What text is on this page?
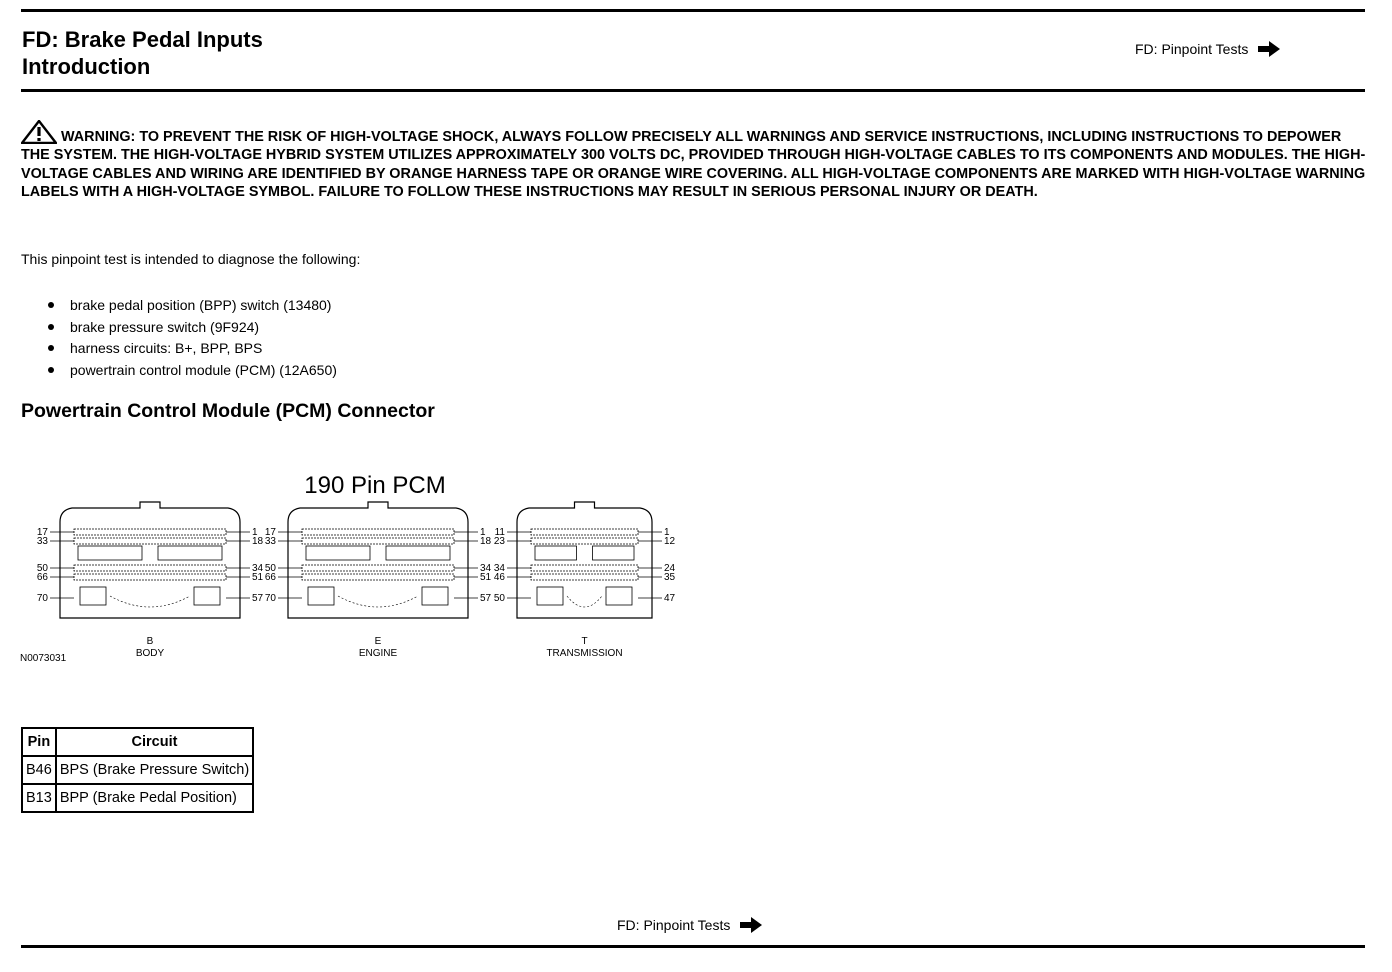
FD: Brake Pedal Inputs
Introduction
FD: Pinpoint Tests
WARNING: TO PREVENT THE RISK OF HIGH-VOLTAGE SHOCK, ALWAYS FOLLOW PRECISELY ALL WARNINGS AND SERVICE INSTRUCTIONS, INCLUDING INSTRUCTIONS TO DEPOWER THE SYSTEM. THE HIGH-VOLTAGE HYBRID SYSTEM UTILIZES APPROXIMATELY 300 VOLTS DC, PROVIDED THROUGH HIGH-VOLTAGE CABLES TO ITS COMPONENTS AND MODULES. THE HIGH-VOLTAGE CABLES AND WIRING ARE IDENTIFIED BY ORANGE HARNESS TAPE OR ORANGE WIRE COVERING. ALL HIGH-VOLTAGE COMPONENTS ARE MARKED WITH HIGH-VOLTAGE WARNING LABELS WITH A HIGH-VOLTAGE SYMBOL. FAILURE TO FOLLOW THESE INSTRUCTIONS MAY RESULT IN SERIOUS PERSONAL INJURY OR DEATH.
This pinpoint test is intended to diagnose the following:
brake pedal position (BPP) switch (13480)
brake pressure switch (9F924)
harness circuits: B+, BPP, BPS
powertrain control module (PCM) (12A650)
Powertrain Control Module (PCM) Connector
190 Pin PCM
N0073031
17
33
50
66
70
1
18
34
51
57
B
BODY
17
33
50
66
70
1
18
34
51
57
E
ENGINE
11
23
34
46
50
1
12
24
35
47
T
TRANSMISSION
Pin	Circuit
B46	BPS (Brake Pressure Switch)
B13	BPP (Brake Pedal Position)
FD: Pinpoint Tests
